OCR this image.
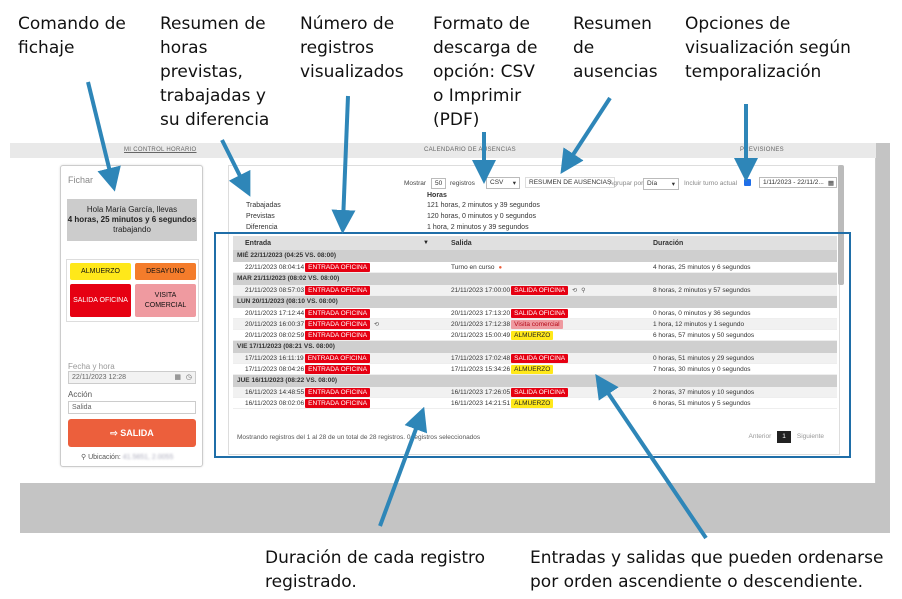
Comando de
fichaje
Resumen de
horas
previstas,
trabajadas y
su diferencia
Número de
registros
visualizados
Formato de
descarga de
opción: CSV
o Imprimir
(PDF)
Resumen
de
ausencias
Opciones de
visualización según
temporalización
Duración de cada registro
registrado.
Entradas y salidas que pueden ordenarse
por orden ascendiente o descendiente.
MI CONTROL HORARIO	CALENDARIO DE AUSENCIAS	PREVISIONES
Fichar
Hola María García, llevas
4 horas, 25 minutos y 6 segundos trabajando
ALMUERZO	DESAYUNO
SALIDA OFICINA
VISITA
COMERCIAL
Fecha y hora
22/11/2023 12:28	▦ ◷
Acción
Salida
⇨ SALIDA
⚲ Ubicación: 41.5651, 2.0055
Mostrar	50	registros	CSV ▾	RESUMEN DE AUSENCIAS
Agrupar por Día ▾ Incluir turno actual	1/11/2023 - 22/11/2... ▦
Horas
Trabajadas	121 horas, 2 minutos y 39 segundos
Previstas	120 horas, 0 minutos y 0 segundos
Diferencia	1 hora, 2 minutos y 39 segundos
Entrada	▼	Salida	Duración
MIÉ 22/11/2023 (04:25 VS. 08:00)
22/11/2023 08:04:14 ENTRADA OFICINA	Turno en curso ●	4 horas, 25 minutos y 6 segundos
MAR 21/11/2023 (08:02 VS. 08:00)
21/11/2023 08:57:03 ENTRADA OFICINA	21/11/2023 17:00:00 SALIDA OFICINA ⟲ ⚲	8 horas, 2 minutos y 57 segundos
LUN 20/11/2023 (08:10 VS. 08:00)
20/11/2023 17:12:44 ENTRADA OFICINA	20/11/2023 17:13:20 SALIDA OFICINA	0 horas, 0 minutos y 36 segundos
20/11/2023 16:00:37 ENTRADA OFICINA ⟲	20/11/2023 17:12:38 Visita comercial	1 hora, 12 minutos y 1 segundo
20/11/2023 08:02:59 ENTRADA OFICINA	20/11/2023 15:00:49 ALMUERZO	6 horas, 57 minutos y 50 segundos
VIE 17/11/2023 (08:21 VS. 08:00)
17/11/2023 16:11:19 ENTRADA OFICINA	17/11/2023 17:02:48 SALIDA OFICINA	0 horas, 51 minutos y 29 segundos
17/11/2023 08:04:26 ENTRADA OFICINA	17/11/2023 15:34:26 ALMUERZO	7 horas, 30 minutos y 0 segundos
JUE 16/11/2023 (08:22 VS. 08:00)
16/11/2023 14:48:55 ENTRADA OFICINA	16/11/2023 17:26:05 SALIDA OFICINA	2 horas, 37 minutos y 10 segundos
16/11/2023 08:02:06 ENTRADA OFICINA	16/11/2023 14:21:51 ALMUERZO	6 horas, 51 minutos y 5 segundos
Mostrando registros del 1 al 28 de un total de 28 registros. 0 registros seleccionados	Anterior 1 Siguiente
